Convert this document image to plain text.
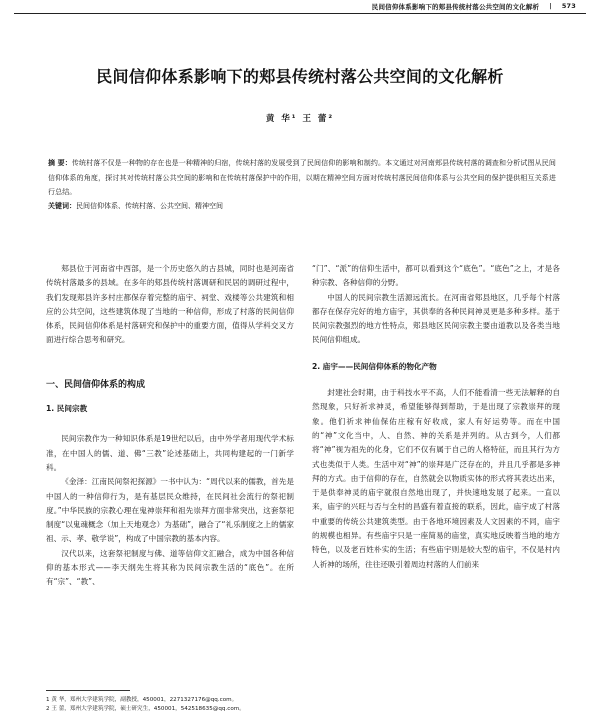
民间信仰体系影响下的郏县传统村落公共空间的文化解析 | 573
民间信仰体系影响下的郏县传统村落公共空间的文化解析
黄 华¹ 王 蕾²
摘 要：传统村落不仅是一种物的存在也是一种精神的归宿，传统村落的发展受到了民间信仰的影响和制约。本文通过对河南郏县传统村落的调查和分析试图从民间信仰体系的角度，探讨其对传统村落公共空间的影响和在传统村落保护中的作用，以期在精神空间方面对传统村落民间信仰体系与公共空间的保护提供相互关系进行总结。
关键词：民间信仰体系、传统村落、公共空间、精神空间

郏县位于河南省中西部，是一个历史悠久的古县城，同时也是河南省传统村落最多的县域。在多年的郏县传统村落调研和民居的调研过程中，我们发现郏县许多村庄都保存着完整的庙宇、祠堂、戏楼等公共建筑和相应的公共空间，这些建筑体现了当地的一种信仰，形成了村落的民间信仰体系，民间信仰体系是村落研究和保护中的重要方面，值得从学科交叉方面进行综合思考和研究。

一、民间信仰体系的构成

1. 民间宗教

民间宗教作为一种知识体系是19世纪以后，由中外学者用现代学术标准，在中国人的儒、道、佛“三教”论述基础上，共同构建起的一门新学科。

《金泽：江南民间祭祀探源》一书中认为：“周代以来的儒教，首先是中国人的一种信仰行为，是有基层民众维持，在民间社会流行的祭祀制度。”中华民族的宗教心理在鬼神崇拜和祖先崇拜方面非常突出，这套祭祀制度“以鬼魂概念（加上天地观念）为基础”，融合了“礼乐制度之上的儒家祖、示、孝、敬学说”，构成了中国宗教的基本内容。

汉代以来，这套祭祀制度与佛、道等信仰文汇融合，成为中国各种信仰的基本形式——李天纲先生将其称为民间宗教生活的“底色”。在所有“宗”、“教”、

“门”、“派”的信仰生活中，都可以看到这个“底色”。“底色”之上，才是各种宗教、各种信仰的分野。

中国人的民间宗教生活源远流长。在河南省郏县地区，几乎每个村落都存在保存完好的地方庙宇，其供奉的各种民间神灵更是多种多样。基于民间宗教强烈的地方性特点，郏县地区民间宗教主要由道教以及各类当地民间信仰组成。

2. 庙宇——民间信仰体系的物化产物

封建社会时期，由于科技水平不高，人们不能看清一些无法解释的自然现象，只好祈求神灵，希望能够得到帮助，于是出现了宗教崇拜的现象。他们祈求神仙保佑庄稼有好收成，家人有好运势等。而在中国的“神”文化当中，人、自然、神的关系是并列的。从古到今，人们都将“神”视为祖先的化身，它们不仅有属于自己的人格特征，而且其行为方式也类似于人类。生活中对“神”的崇拜是广泛存在的，并且几乎都是多神拜的方式。由于信仰的存在，自然就会以物质实体的形式将其表达出来，于是供奉神灵的庙宇就很自然地出现了，并快速地发展了起来。一直以来，庙宇的兴旺与否与全村的昌盛有着直接的联系，因此，庙宇成了村落中重要的传统公共建筑类型。由于各地环境因素及人文因素的不同，庙宇的规模也相异。有些庙宇只是一座简易的庙堂，真实地反映着当地的地方特色，以及老百姓朴实的生活；有些庙宇则是较大型的庙宇，不仅是村内人祈神的场所，往往还吸引着周边村落的人们前来

1 黄 华，郑州大学建筑学院，副教授，450001，2271327176@qq.com。
2 王 蕾，郑州大学建筑学院，硕士研究生，450001，542518635@qq.com。
